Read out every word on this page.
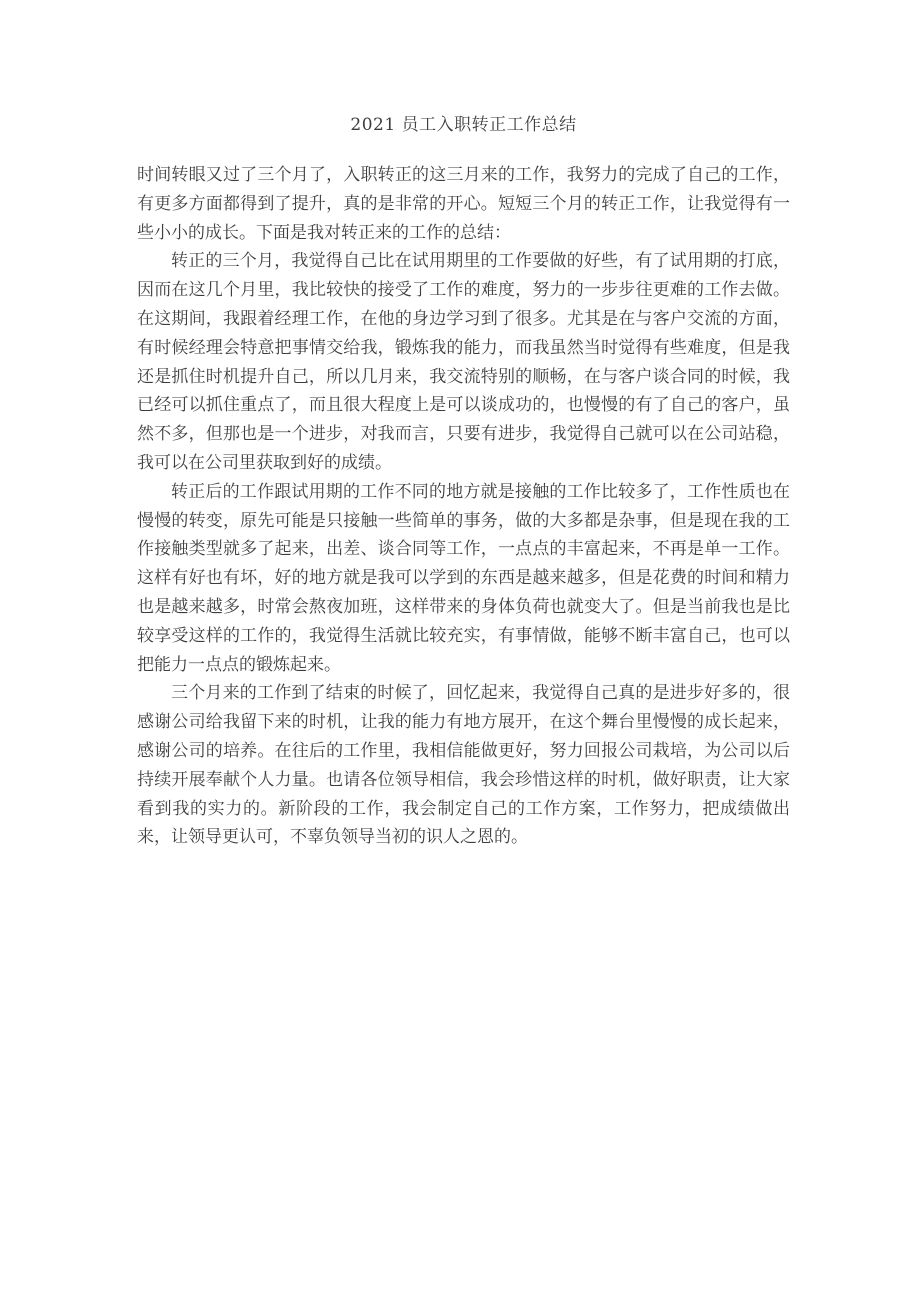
2021 员工入职转正工作总结

时间转眼又过了三个月了，入职转正的这三月来的工作，我努力的完成了自己的工作，有更多方面都得到了提升，真的是非常的开心。短短三个月的转正工作，让我觉得有一些小小的成长。下面是我对转正来的工作的总结：

转正的三个月，我觉得自己比在试用期里的工作要做的好些，有了试用期的打底，因而在这几个月里，我比较快的接受了工作的难度，努力的一步步往更难的工作去做。在这期间，我跟着经理工作，在他的身边学习到了很多。尤其是在与客户交流的方面，有时候经理会特意把事情交给我，锻炼我的能力，而我虽然当时觉得有些难度，但是我还是抓住时机提升自己，所以几月来，我交流特别的顺畅，在与客户谈合同的时候，我已经可以抓住重点了，而且很大程度上是可以谈成功的，也慢慢的有了自己的客户，虽然不多，但那也是一个进步，对我而言，只要有进步，我觉得自己就可以在公司站稳，我可以在公司里获取到好的成绩。

转正后的工作跟试用期的工作不同的地方就是接触的工作比较多了，工作性质也在慢慢的转变，原先可能是只接触一些简单的事务，做的大多都是杂事，但是现在我的工作接触类型就多了起来，出差、谈合同等工作，一点点的丰富起来，不再是单一工作。这样有好也有坏，好的地方就是我可以学到的东西是越来越多，但是花费的时间和精力也是越来越多，时常会熬夜加班，这样带来的身体负荷也就变大了。但是当前我也是比较享受这样的工作的，我觉得生活就比较充实，有事情做，能够不断丰富自己，也可以把能力一点点的锻炼起来。

三个月来的工作到了结束的时候了，回忆起来，我觉得自己真的是进步好多的，很感谢公司给我留下来的时机，让我的能力有地方展开，在这个舞台里慢慢的成长起来，感谢公司的培养。在往后的工作里，我相信能做更好，努力回报公司栽培，为公司以后持续开展奉献个人力量。也请各位领导相信，我会珍惜这样的时机，做好职责，让大家看到我的实力的。新阶段的工作，我会制定自己的工作方案，工作努力，把成绩做出来，让领导更认可，不辜负领导当初的识人之恩的。
